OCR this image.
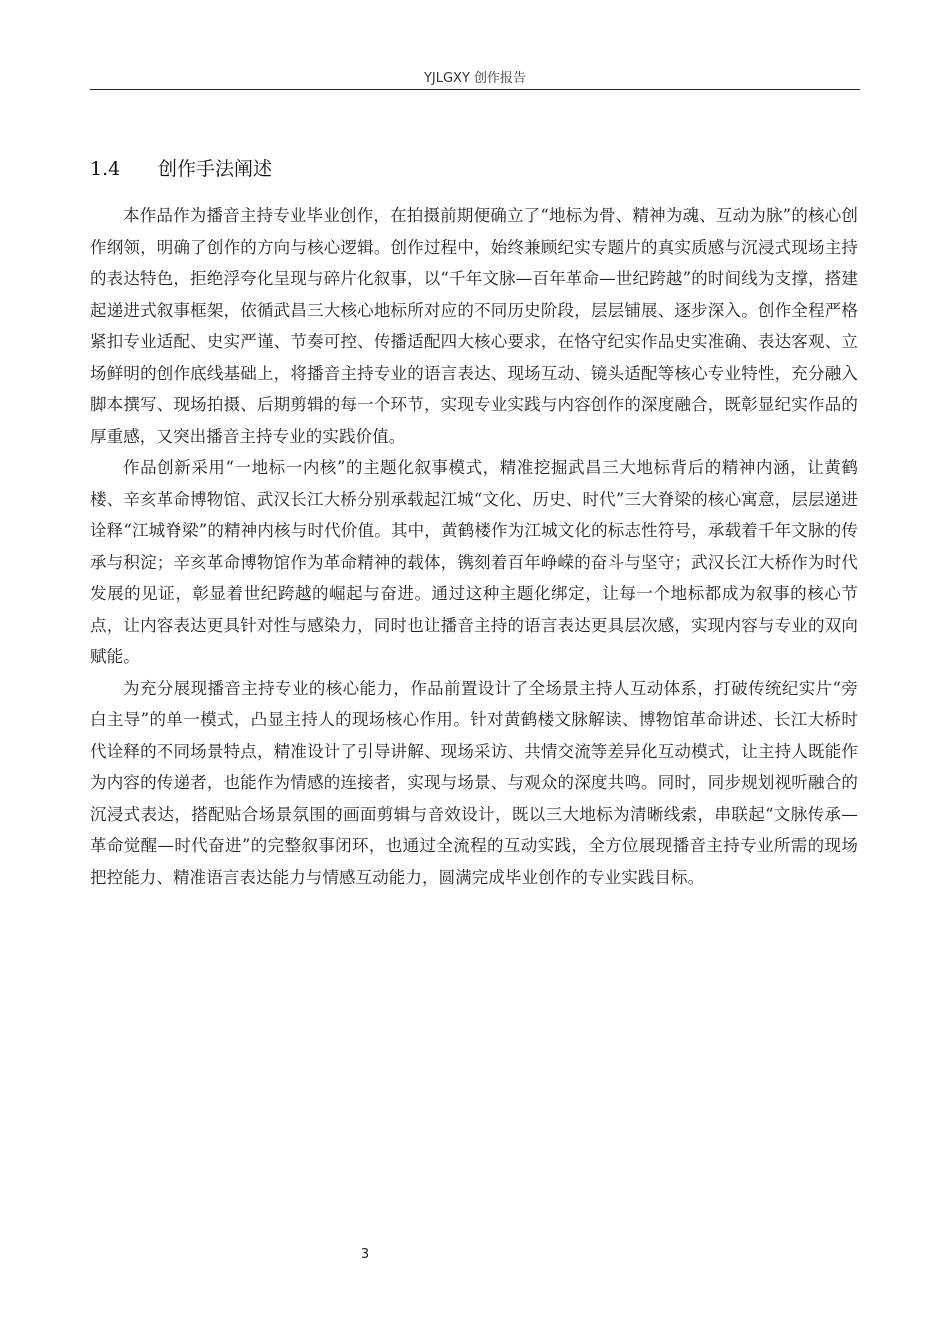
YJLGXY 创作报告
1.4 创作手法阐述

本作品作为播音主持专业毕业创作，在拍摄前期便确立了“地标为骨、精神为魂、互动为脉”的核心创作纲领，明确了创作的方向与核心逻辑。创作过程中，始终兼顾纪实专题片的真实质感与沉浸式现场主持的表达特色，拒绝浮夸化呈现与碎片化叙事，以“千年文脉—百年革命—世纪跨越”的时间线为支撑，搭建起递进式叙事框架，依循武昌三大核心地标所对应的不同历史阶段，层层铺展、逐步深入。创作全程严格紧扣专业适配、史实严谨、节奏可控、传播适配四大核心要求，在恪守纪实作品史实准确、表达客观、立场鲜明的创作底线基础上，将播音主持专业的语言表达、现场互动、镜头适配等核心专业特性，充分融入脚本撰写、现场拍摄、后期剪辑的每一个环节，实现专业实践与内容创作的深度融合，既彰显纪实作品的厚重感，又突出播音主持专业的实践价值。

作品创新采用“一地标一内核”的主题化叙事模式，精准挖掘武昌三大地标背后的精神内涵，让黄鹤楼、辛亥革命博物馆、武汉长江大桥分别承载起江城“文化、历史、时代”三大脊梁的核心寓意，层层递进诠释“江城脊梁”的精神内核与时代价值。其中，黄鹤楼作为江城文化的标志性符号，承载着千年文脉的传承与积淀；辛亥革命博物馆作为革命精神的载体，镌刻着百年峥嵘的奋斗与坚守；武汉长江大桥作为时代发展的见证，彰显着世纪跨越的崛起与奋进。通过这种主题化绑定，让每一个地标都成为叙事的核心节点，让内容表达更具针对性与感染力，同时也让播音主持的语言表达更具层次感，实现内容与专业的双向赋能。

为充分展现播音主持专业的核心能力，作品前置设计了全场景主持人互动体系，打破传统纪实片“旁白主导”的单一模式，凸显主持人的现场核心作用。针对黄鹤楼文脉解读、博物馆革命讲述、长江大桥时代诠释的不同场景特点，精准设计了引导讲解、现场采访、共情交流等差异化互动模式，让主持人既能作为内容的传递者，也能作为情感的连接者，实现与场景、与观众的深度共鸣。同时，同步规划视听融合的沉浸式表达，搭配贴合场景氛围的画面剪辑与音效设计，既以三大地标为清晰线索，串联起“文脉传承—革命觉醒—时代奋进”的完整叙事闭环，也通过全流程的互动实践，全方位展现播音主持专业所需的现场把控能力、精准语言表达能力与情感互动能力，圆满完成毕业创作的专业实践目标。

3
